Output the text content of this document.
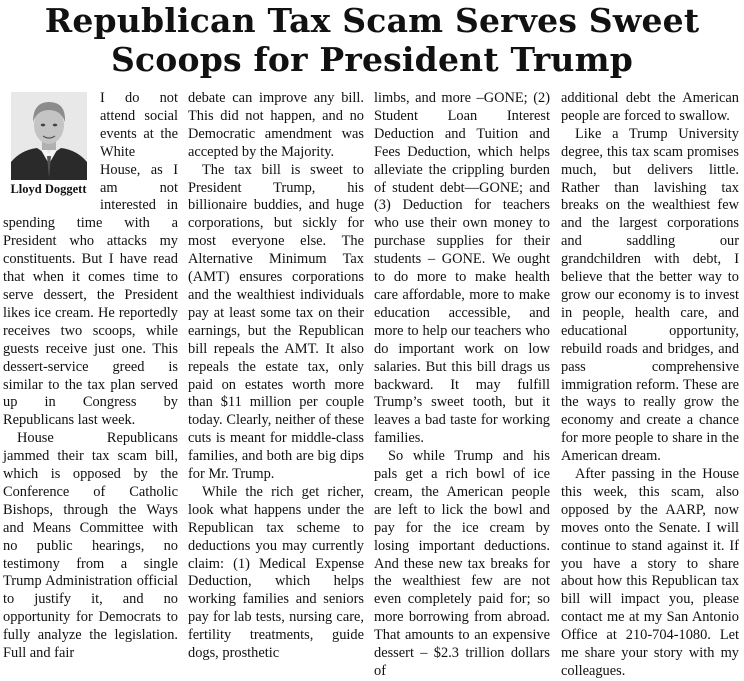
Republican Tax Scam Serves Sweet
Scoops for President Trump
Lloyd Doggett

I do not attend social events at the White House, as I am not interested in spending time with a President who attacks my constituents. But I have read that when it comes time to serve dessert, the President likes ice cream. He reportedly receives two scoops, while guests receive just one. This dessert-service greed is similar to the tax plan served up in Congress by Republicans last week.

House Republicans jammed their tax scam bill, which is opposed by the Conference of Catholic Bishops, through the Ways and Means Committee with no public hearings, no testimony from a single Trump Administration official to justify it, and no opportunity for Democrats to fully analyze the legislation. Full and fair

debate can improve any bill. This did not happen, and no Democratic amendment was accepted by the Majority.

The tax bill is sweet to President Trump, his billionaire buddies, and huge corporations, but sickly for most everyone else. The Alternative Minimum Tax (AMT) ensures corporations and the wealthiest individuals pay at least some tax on their earnings, but the Republican bill repeals the AMT. It also repeals the estate tax, only paid on estates worth more than $11 million per couple today. Clearly, neither of these cuts is meant for middle-class families, and both are big dips for Mr. Trump.

While the rich get richer, look what happens under the Republican tax scheme to deductions you may currently claim: (1) Medical Expense Deduction, which helps working families and seniors pay for lab tests, nursing care, fertility treatments, guide dogs, prosthetic

limbs, and more –GONE; (2) Student Loan Interest Deduction and Tuition and Fees Deduction, which helps alleviate the crippling burden of student debt—GONE; and (3) Deduction for teachers who use their own money to purchase supplies for their students – GONE. We ought to do more to make health care affordable, more to make education accessible, and more to help our teachers who do important work on low salaries. But this bill drags us backward. It may fulfill Trump’s sweet tooth, but it leaves a bad taste for working families.

So while Trump and his pals get a rich bowl of ice cream, the American people are left to lick the bowl and pay for the ice cream by losing important deductions. And these new tax breaks for the wealthiest few are not even completely paid for; so more borrowing from abroad. That amounts to an expensive dessert – $2.3 trillion dollars of

additional debt the American people are forced to swallow.

Like a Trump University degree, this tax scam promises much, but delivers little. Rather than lavishing tax breaks on the wealthiest few and the largest corporations and saddling our grandchildren with debt, I believe that the better way to grow our economy is to invest in people, health care, and educational opportunity, rebuild roads and bridges, and pass comprehensive immigration reform. These are the ways to really grow the economy and create a chance for more people to share in the American dream.

After passing in the House this week, this scam, also opposed by the AARP, now moves onto the Senate. I will continue to stand against it. If you have a story to share about how this Republican tax bill will impact you, please contact me at my San Antonio Office at 210-704-1080. Let me share your story with my colleagues.
